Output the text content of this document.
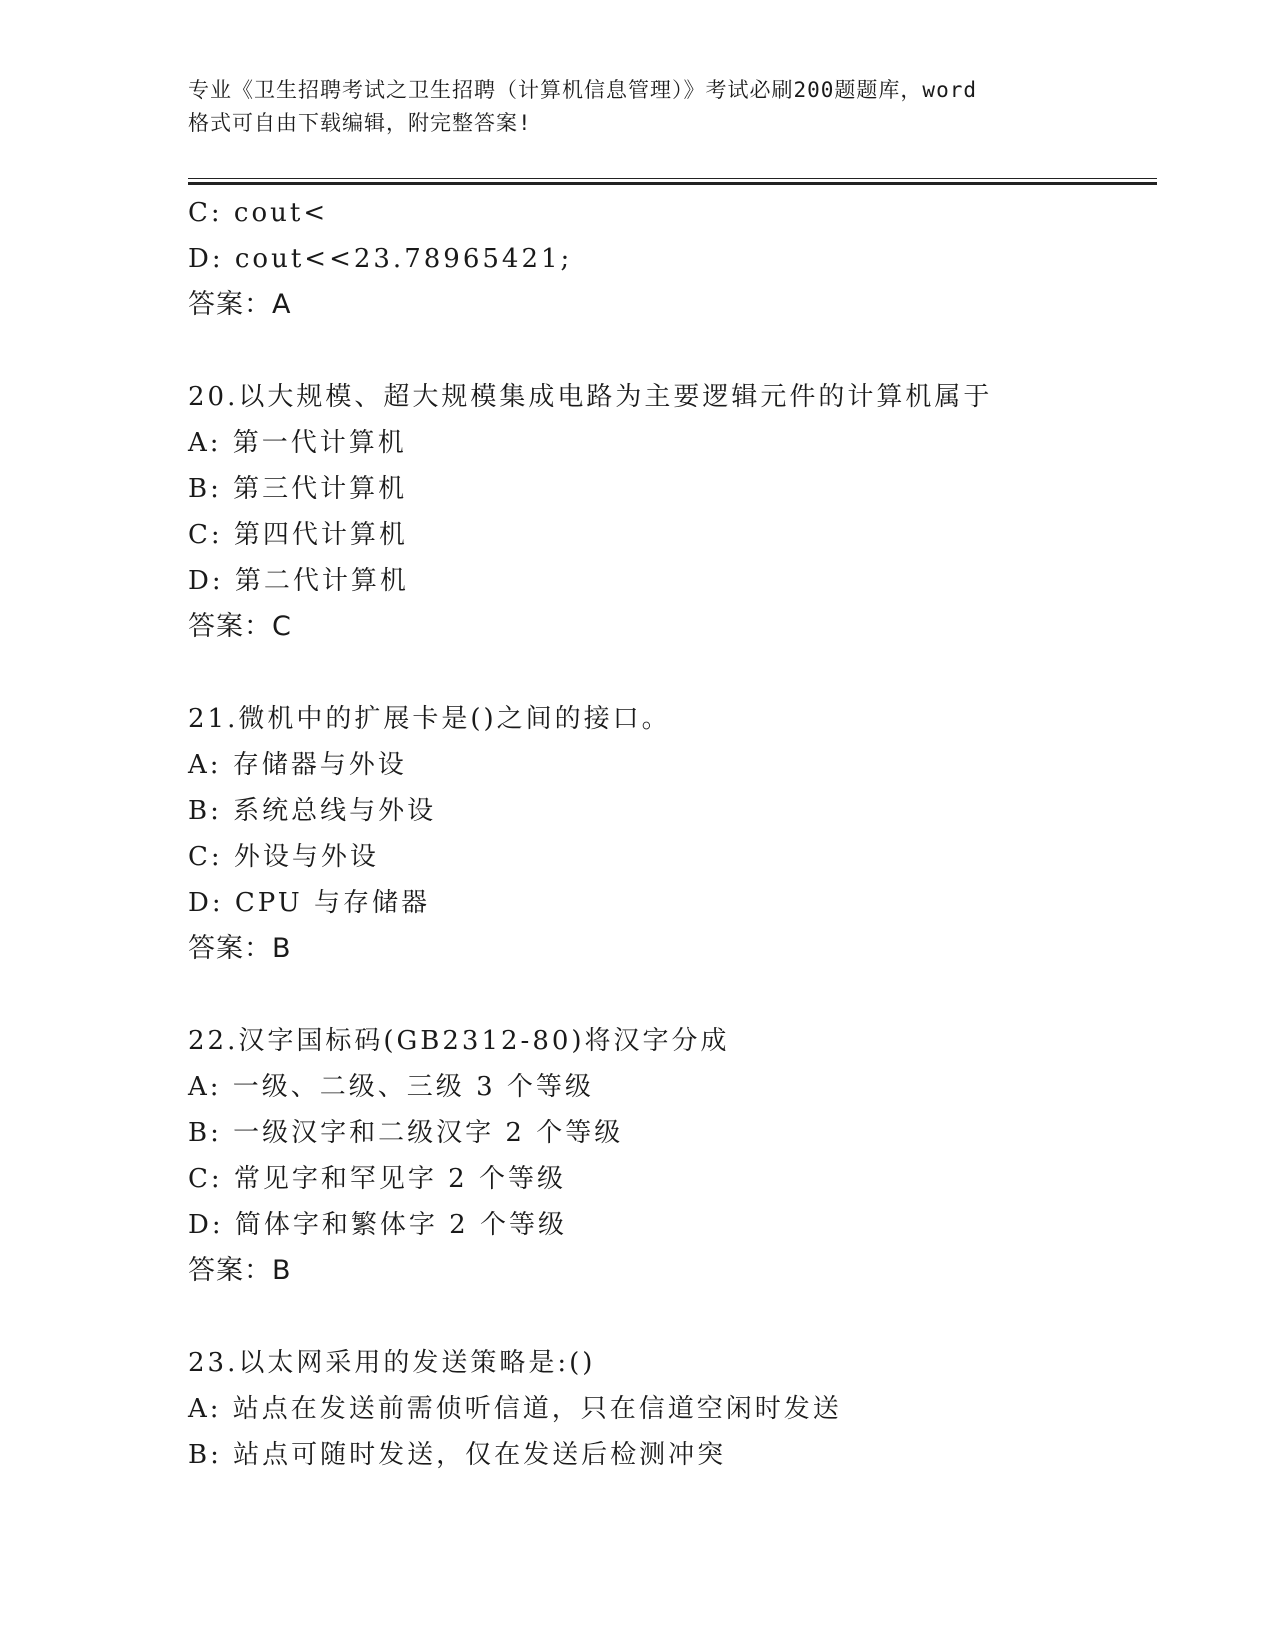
专业《卫生招聘考试之卫生招聘（计算机信息管理）》考试必刷200题题库，word
格式可自由下载编辑，附完整答案!
C: cout<
D: cout<<23.78965421;
答案：A
20.以大规模、超大规模集成电路为主要逻辑元件的计算机属于
A: 第一代计算机
B: 第三代计算机
C: 第四代计算机
D: 第二代计算机
答案：C
21.微机中的扩展卡是()之间的接口。
A: 存储器与外设
B: 系统总线与外设
C: 外设与外设
D: CPU 与存储器
答案：B
22.汉字国标码(GB2312-80)将汉字分成
A: 一级、二级、三级 3 个等级
B: 一级汉字和二级汉字 2 个等级
C: 常见字和罕见字 2 个等级
D: 简体字和繁体字 2 个等级
答案：B
23.以太网采用的发送策略是:()
A: 站点在发送前需侦听信道，只在信道空闲时发送
B: 站点可随时发送，仅在发送后检测冲突
